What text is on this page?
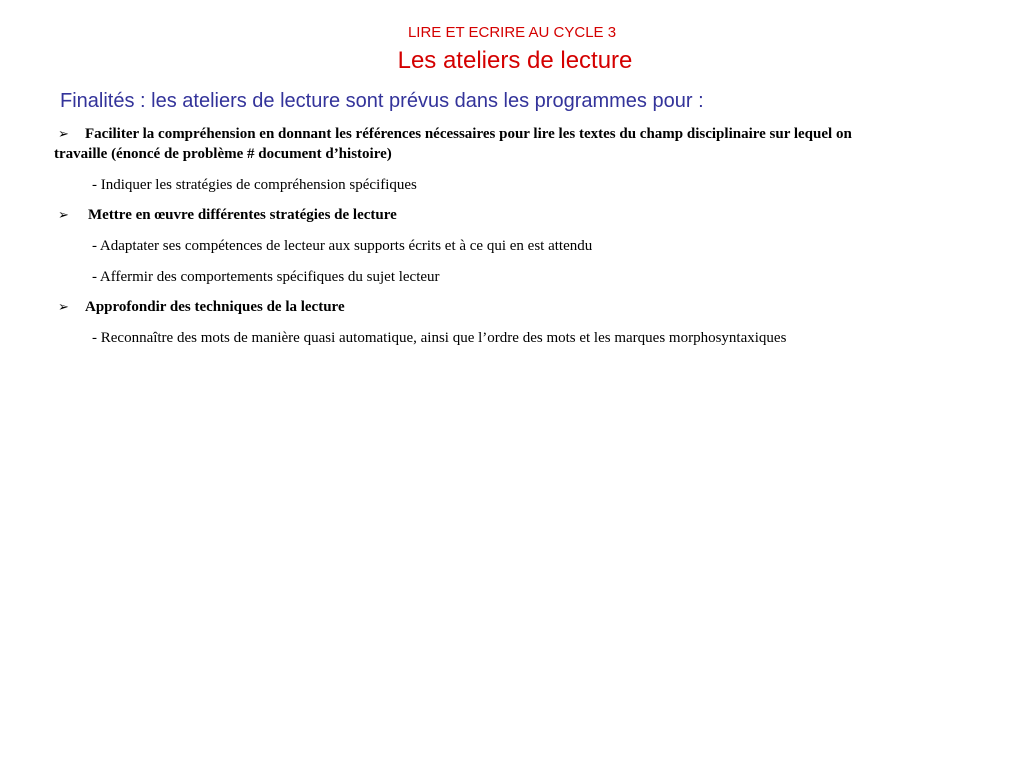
LIRE ET ECRIRE AU CYCLE 3
Les ateliers de lecture
Finalités : les ateliers de lecture sont prévus dans les programmes pour :
➢ Faciliter la compréhension en donnant les références nécessaires pour lire les textes du champ disciplinaire sur lequel on
travaille (énoncé de problème # document d’histoire)
- Indiquer les stratégies de compréhension spécifiques
➢ Mettre en œuvre différentes stratégies de lecture
- Adaptater ses compétences de lecteur aux supports écrits et à ce qui en est attendu
- Affermir des comportements spécifiques du sujet lecteur
➢ Approfondir des techniques de la lecture
- Reconnaître des mots de manière quasi automatique, ainsi que l’ordre des mots et les marques morphosyntaxiques
